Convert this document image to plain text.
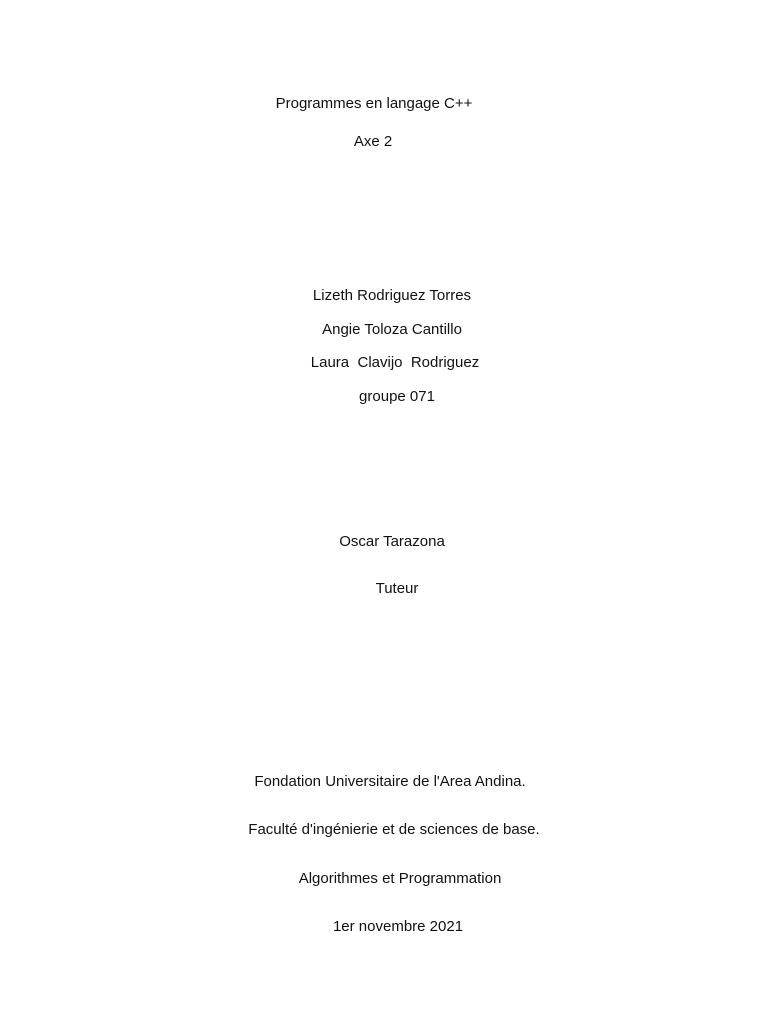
Programmes en langage C++
Axe 2
Lizeth Rodriguez Torres
Angie Toloza Cantillo
Laura  Clavijo  Rodriguez
groupe 071
Oscar Tarazona
Tuteur
Fondation Universitaire de l'Area Andina.
Faculté d'ingénierie et de sciences de base.
Algorithmes et Programmation
1er novembre 2021
